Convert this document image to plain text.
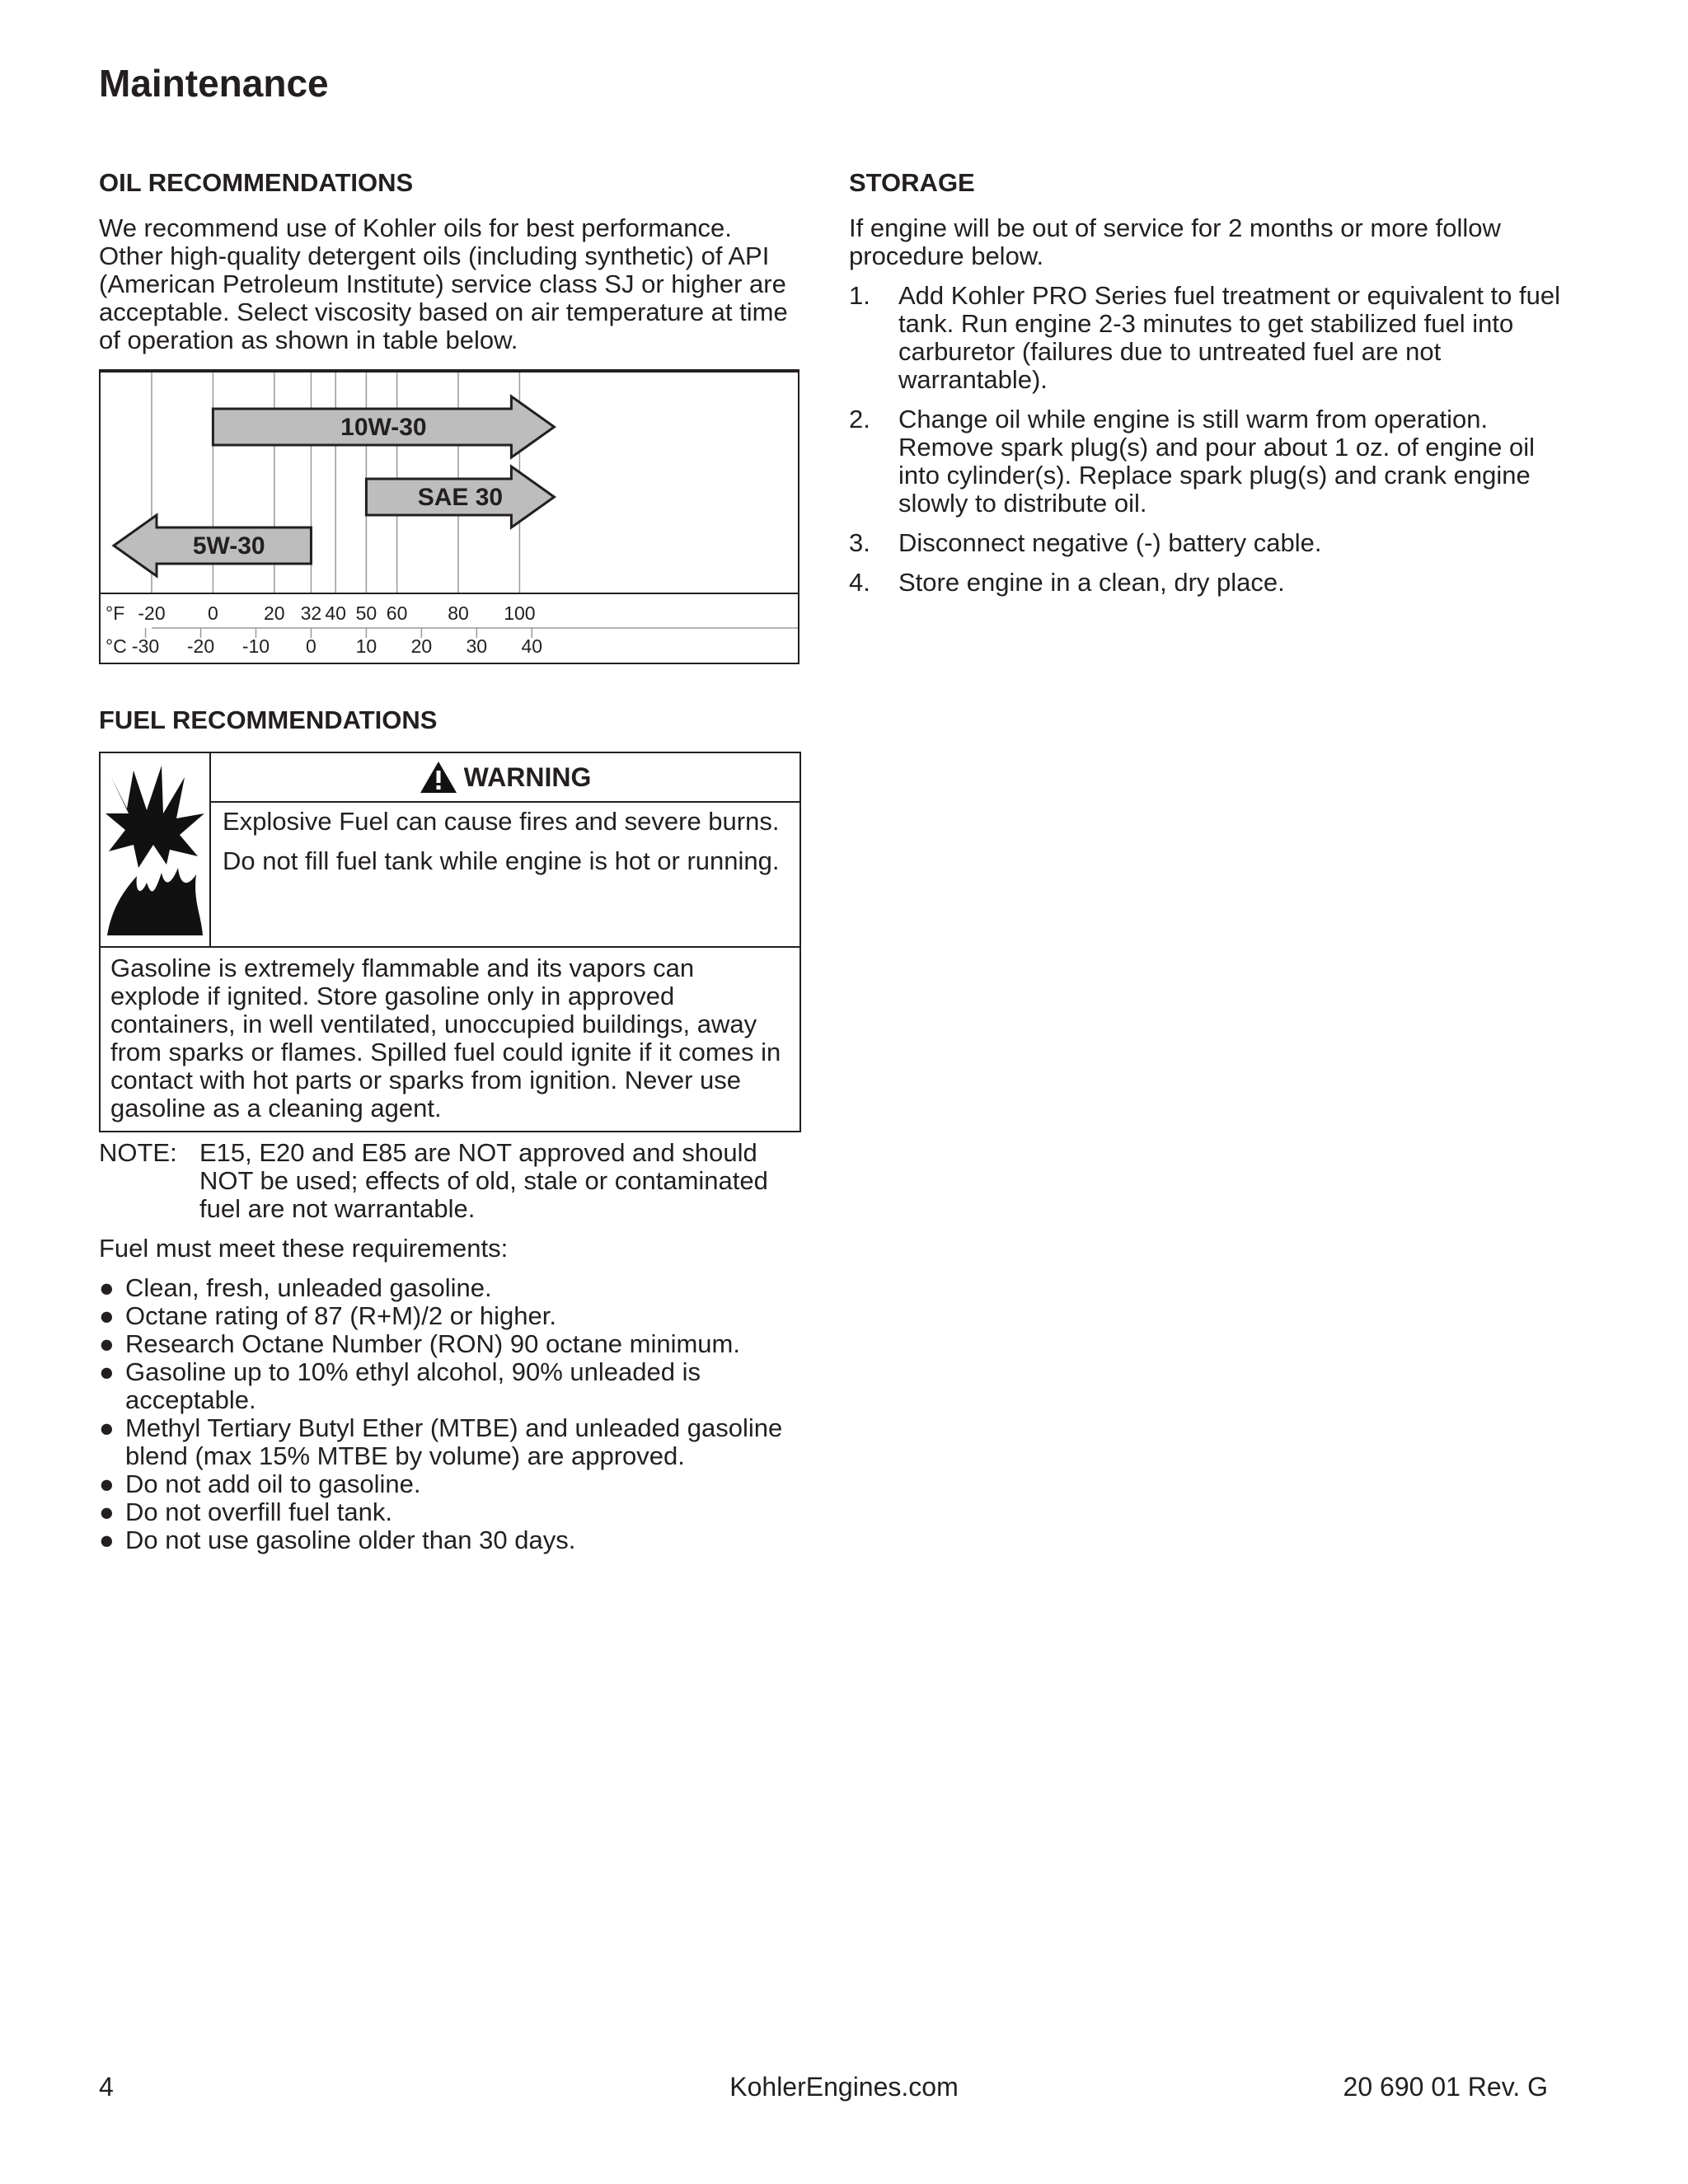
Maintenance
OIL RECOMMENDATIONS

We recommend use of Kohler oils for best performance. Other high-quality detergent oils (including synthetic) of API (American Petroleum Institute) service class SJ or higher are acceptable. Select viscosity based on air temperature at time of operation as shown in table below.

10W-30
SAE 30
5W-30
°F -20 0 20 32 40 50 60 80 100
°C -30 -20 -10 0 10 20 30 40
FUEL RECOMMENDATIONS
WARNING

Explosive Fuel can cause fires and severe burns.

Do not fill fuel tank while engine is hot or running.

Gasoline is extremely flammable and its vapors can explode if ignited. Store gasoline only in approved containers, in well ventilated, unoccupied buildings, away from sparks or flames. Spilled fuel could ignite if it comes in contact with hot parts or sparks from ignition. Never use gasoline as a cleaning agent.

NOTE: E15, E20 and E85 are NOT approved and should NOT be used; effects of old, stale or contaminated fuel are not warrantable.

Fuel must meet these requirements:

● Clean, fresh, unleaded gasoline.
● Octane rating of 87 (R+M)/2 or higher.
● Research Octane Number (RON) 90 octane minimum.
● Gasoline up to 10% ethyl alcohol, 90% unleaded is acceptable.
● Methyl Tertiary Butyl Ether (MTBE) and unleaded gasoline blend (max 15% MTBE by volume) are approved.
● Do not add oil to gasoline.
● Do not overfill fuel tank.
● Do not use gasoline older than 30 days.
STORAGE

If engine will be out of service for 2 months or more follow procedure below.

1.	Add Kohler PRO Series fuel treatment or equivalent to fuel tank. Run engine 2-3 minutes to get stabilized fuel into carburetor (failures due to untreated fuel are not warrantable).
2.	Change oil while engine is still warm from operation. Remove spark plug(s) and pour about 1 oz. of engine oil into cylinder(s). Replace spark plug(s) and crank engine slowly to distribute oil.
3.	Disconnect negative (-) battery cable.
4.	Store engine in a clean, dry place.
4	KohlerEngines.com	20 690 01 Rev. G
